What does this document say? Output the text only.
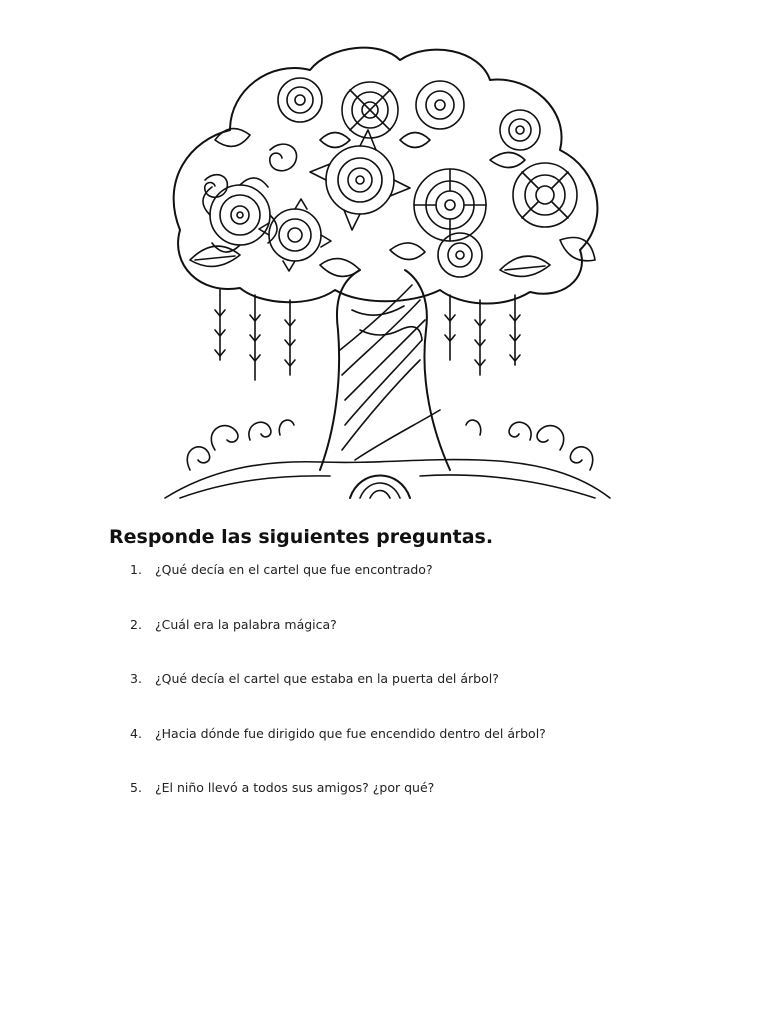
Responde las siguientes preguntas.
1.	¿Qué decía en el cartel que fue encontrado?
2.	¿Cuál era la palabra mágica?
3.	¿Qué decía el cartel que estaba en la puerta del árbol?
4.	¿Hacia dónde fue dirigido que fue encendido dentro del árbol?
5.	¿El niño llevó a todos sus amigos? ¿por qué?
